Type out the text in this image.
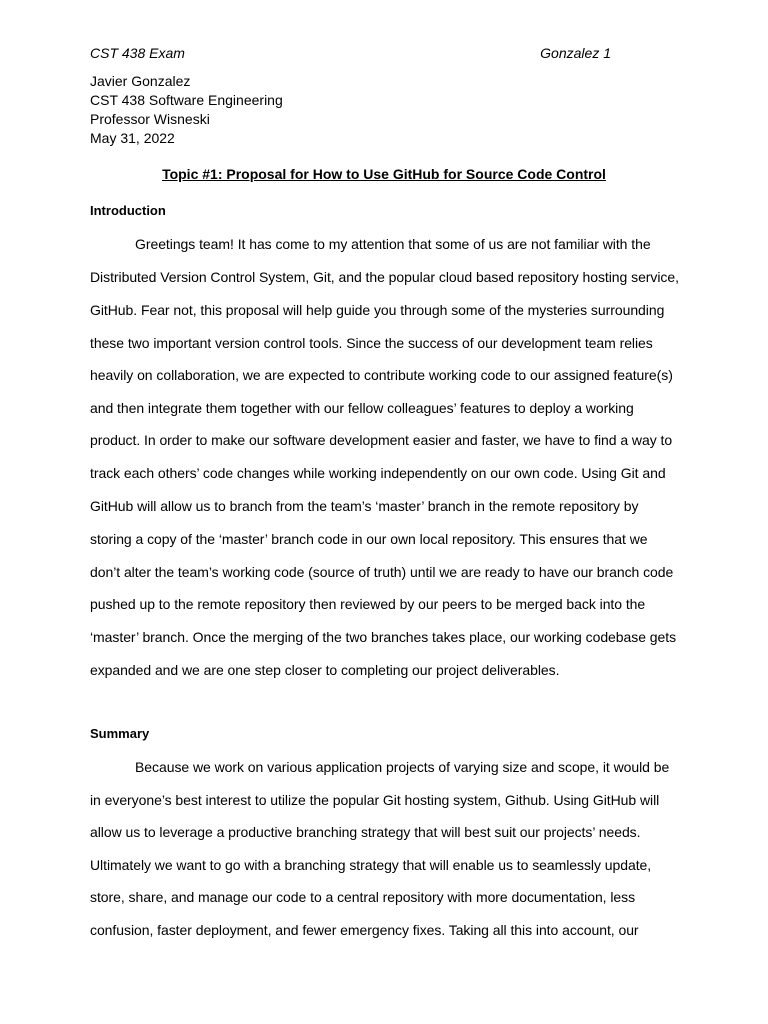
CST 438 Exam	Gonzalez 1
Javier Gonzalez
CST 438 Software Engineering
Professor Wisneski
May 31, 2022
Topic #1: Proposal for How to Use GitHub for Source Code Control
Introduction
Greetings team! It has come to my attention that some of us are not familiar with the
Distributed Version Control System, Git, and the popular cloud based repository hosting service,
GitHub. Fear not, this proposal will help guide you through some of the mysteries surrounding
these two important version control tools. Since the success of our development team relies
heavily on collaboration, we are expected to contribute working code to our assigned feature(s)
and then integrate them together with our fellow colleagues’ features to deploy a working
product. In order to make our software development easier and faster, we have to find a way to
track each others’ code changes while working independently on our own code. Using Git and
GitHub will allow us to branch from the team’s ‘master’ branch in the remote repository by
storing a copy of the ‘master’ branch code in our own local repository. This ensures that we
don’t alter the team’s working code (source of truth) until we are ready to have our branch code
pushed up to the remote repository then reviewed by our peers to be merged back into the
‘master’ branch. Once the merging of the two branches takes place, our working codebase gets
expanded and we are one step closer to completing our project deliverables.
Summary
Because we work on various application projects of varying size and scope, it would be
in everyone’s best interest to utilize the popular Git hosting system, Github. Using GitHub will
allow us to leverage a productive branching strategy that will best suit our projects’ needs.
Ultimately we want to go with a branching strategy that will enable us to seamlessly update,
store, share, and manage our code to a central repository with more documentation, less
confusion, faster deployment, and fewer emergency fixes. Taking all this into account, our
